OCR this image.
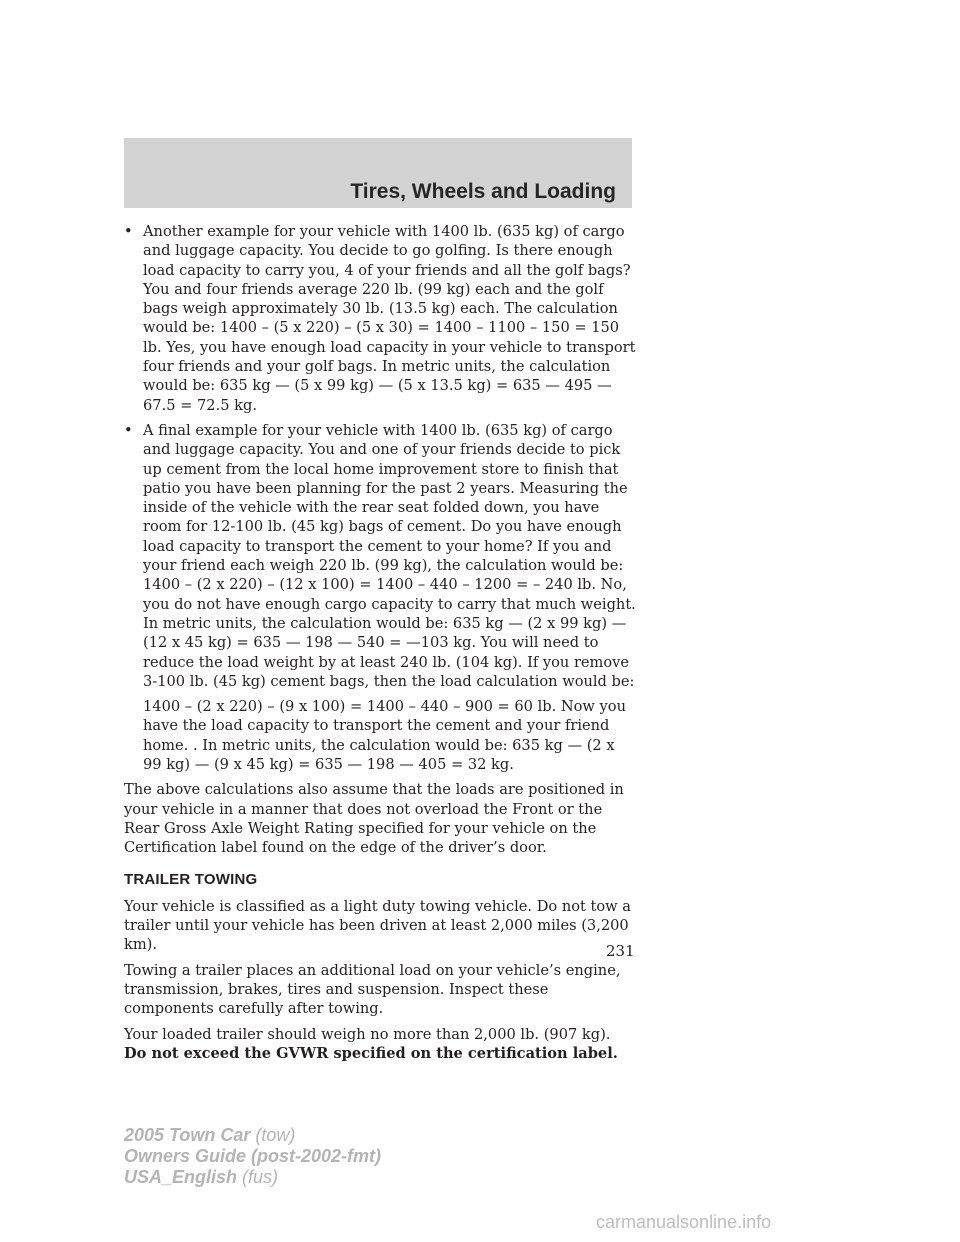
Tires, Wheels and Loading
• Another example for your vehicle with 1400 lb. (635 kg) of cargo and luggage capacity. You decide to go golfing. Is there enough load capacity to carry you, 4 of your friends and all the golf bags? You and four friends average 220 lb. (99 kg) each and the golf bags weigh approximately 30 lb. (13.5 kg) each. The calculation would be: 1400 – (5 x 220) – (5 x 30) = 1400 – 1100 – 150 = 150 lb. Yes, you have enough load capacity in your vehicle to transport four friends and your golf bags. In metric units, the calculation would be: 635 kg — (5 x 99 kg) — (5 x 13.5 kg) = 635 — 495 — 67.5 = 72.5 kg.
• A final example for your vehicle with 1400 lb. (635 kg) of cargo and luggage capacity. You and one of your friends decide to pick up cement from the local home improvement store to finish that patio you have been planning for the past 2 years. Measuring the inside of the vehicle with the rear seat folded down, you have room for 12-100 lb. (45 kg) bags of cement. Do you have enough load capacity to transport the cement to your home? If you and your friend each weigh 220 lb. (99 kg), the calculation would be: 1400 – (2 x 220) – (12 x 100) = 1400 – 440 – 1200 = – 240 lb. No, you do not have enough cargo capacity to carry that much weight. In metric units, the calculation would be: 635 kg — (2 x 99 kg) — (12 x 45 kg) = 635 — 198 — 540 = —103 kg. You will need to reduce the load weight by at least 240 lb. (104 kg). If you remove 3-100 lb. (45 kg) cement bags, then the load calculation would be:

1400 – (2 x 220) – (9 x 100) = 1400 – 440 – 900 = 60 lb. Now you have the load capacity to transport the cement and your friend home. . In metric units, the calculation would be: 635 kg — (2 x 99 kg) — (9 x 45 kg) = 635 — 198 — 405 = 32 kg.

The above calculations also assume that the loads are positioned in your vehicle in a manner that does not overload the Front or the Rear Gross Axle Weight Rating specified for your vehicle on the Certification label found on the edge of the driver’s door.

TRAILER TOWING

Your vehicle is classified as a light duty towing vehicle. Do not tow a trailer until your vehicle has been driven at least 2,000 miles (3,200 km).

Towing a trailer places an additional load on your vehicle’s engine, transmission, brakes, tires and suspension. Inspect these components carefully after towing.

Your loaded trailer should weigh no more than 2,000 lb. (907 kg). Do not exceed the GVWR specified on the certification label.

231
2005 Town Car (tow)
Owners Guide (post-2002-fmt)
USA_English (fus)
carmanualsonline.info
